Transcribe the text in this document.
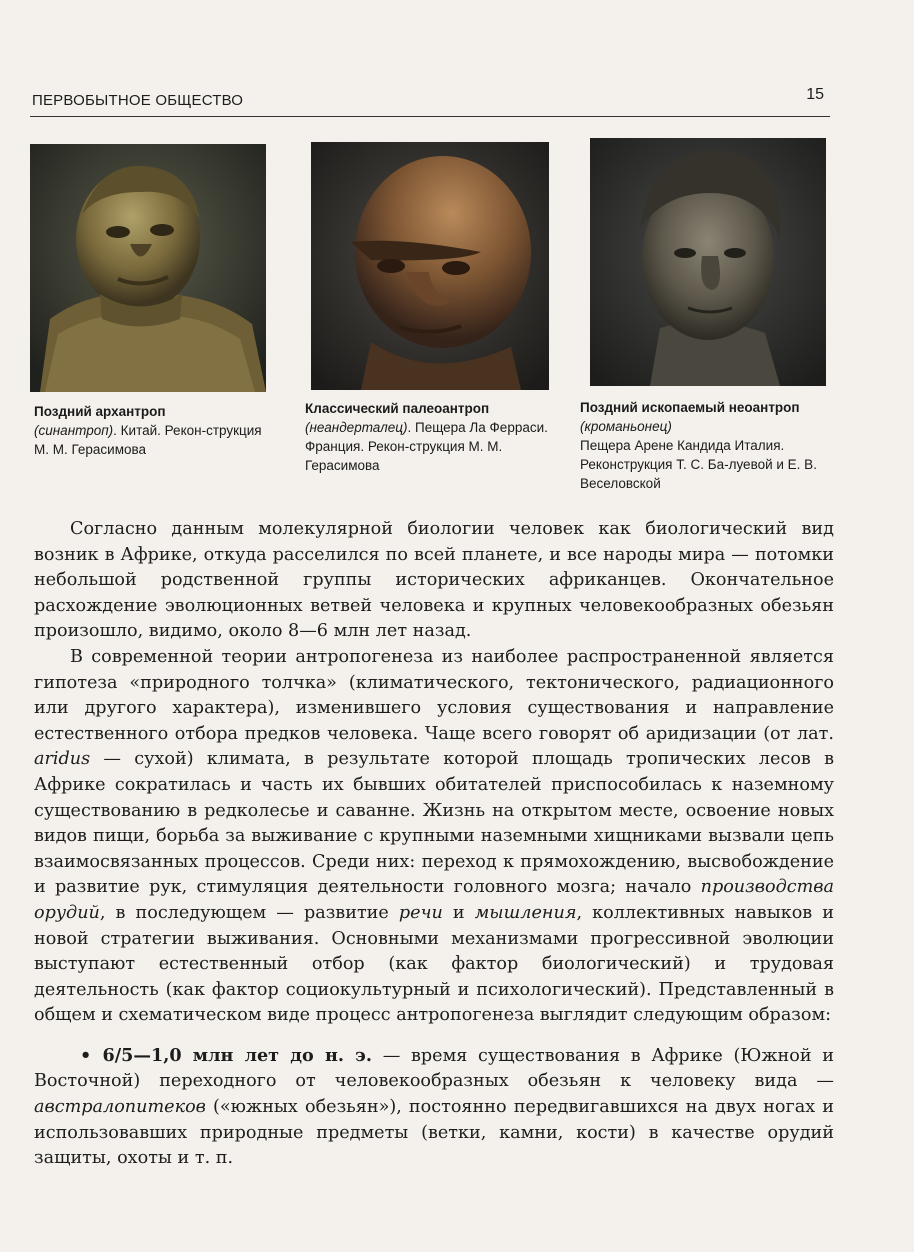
ПЕРВОБЫТНОЕ ОБЩЕСТВО	15
Поздний архантроп
(синантроп). Китай. Рекон-струкция М. М. Герасимова
Классический палеоантроп
(неандерталец). Пещера Ла Ферраси. Франция. Рекон-струкция М. М. Герасимова
Поздний ископаемый неоантроп
(кроманьонец)
Пещера Арене Кандида Италия. Реконструкция Т. С. Ба-луевой и Е. В. Веселовской

Согласно данным молекулярной биологии человек как биологический вид возник в Африке, откуда расселился по всей планете, и все народы мира — потомки небольшой родственной группы исторических африканцев. Окончательное расхождение эволюционных ветвей человека и крупных человекообразных обезьян произошло, видимо, около 8—6 млн лет назад.

В современной теории антропогенеза из наиболее распространенной является гипотеза «природного толчка» (климатического, тектонического, радиационного или другого характера), изменившего условия существования и направление естественного отбора предков человека. Чаще всего говорят об аридизации (от лат. aridus — сухой) климата, в результате которой площадь тропических лесов в Африке сократилась и часть их бывших обитателей приспособилась к наземному существованию в редколесье и саванне. Жизнь на открытом месте, освоение новых видов пищи, борьба за выживание с крупными наземными хищниками вызвали цепь взаимосвязанных процессов. Среди них: переход к прямохождению, высвобождение и развитие рук, стимуляция деятельности головного мозга; начало производства орудий, в последующем — развитие речи и мышления, коллективных навыков и новой стратегии выживания. Основными механизмами прогрессивной эволюции выступают естественный отбор (как фактор биологический) и трудовая деятельность (как фактор социокультурный и психологический). Представленный в общем и схематическом виде процесс антропогенеза выглядит следующим образом:

• 6/5—1,0 млн лет до н. э. — время существования в Африке (Южной и Восточной) переходного от человекообразных обезьян к человеку вида — австралопитеков («южных обезьян»), постоянно передвигавшихся на двух ногах и использовавших природные предметы (ветки, камни, кости) в качестве орудий защиты, охоты и т. п.
